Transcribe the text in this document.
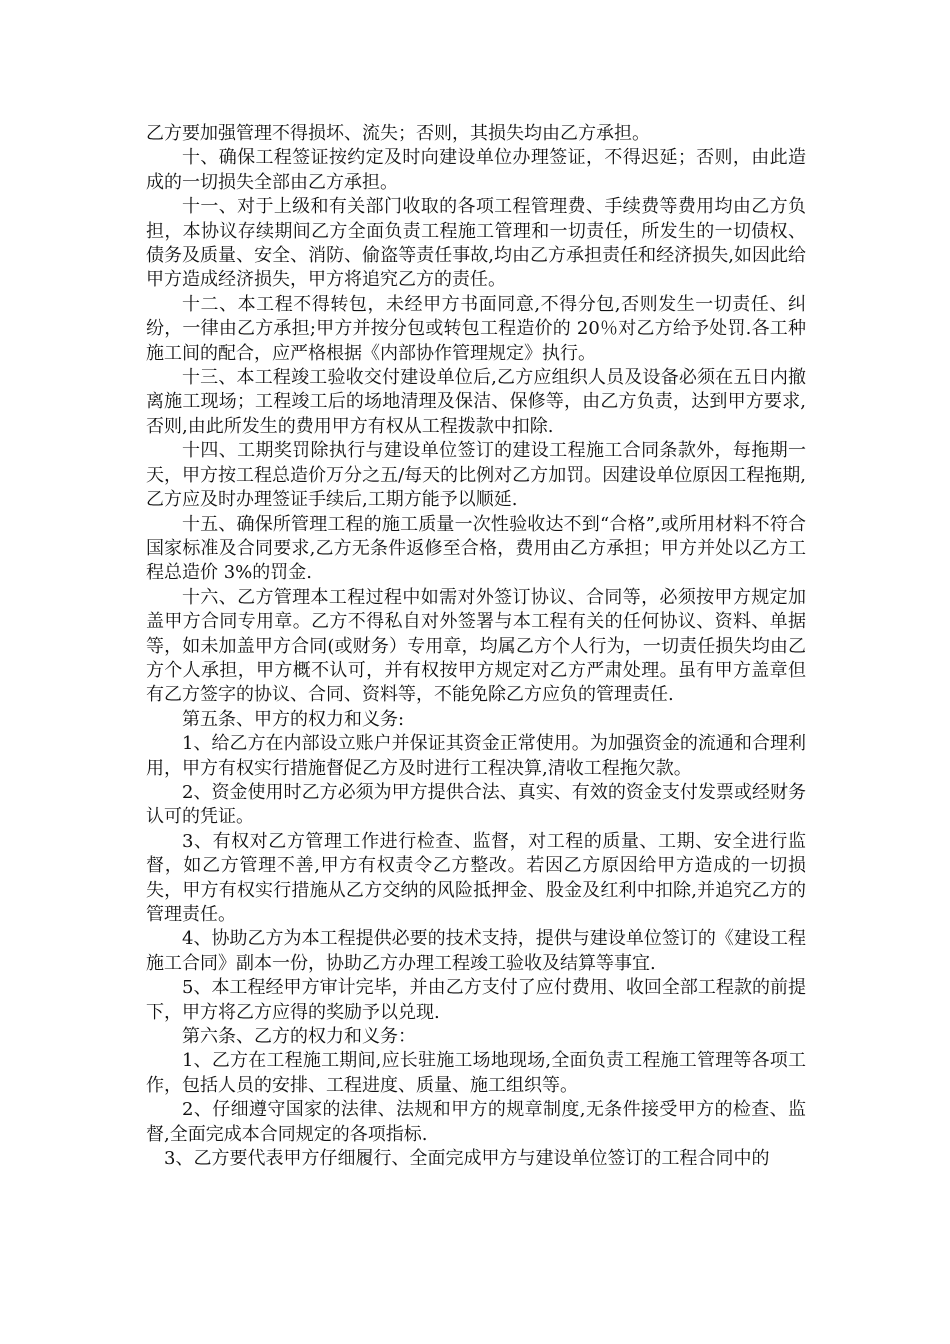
乙方要加强管理不得损坏、流失；否则，其损失均由乙方承担。

十、确保工程签证按约定及时向建设单位办理签证，不得迟延；否则，由此造成的一切损失全部由乙方承担。

十一、对于上级和有关部门收取的各项工程管理费、手续费等费用均由乙方负担，本协议存续期间乙方全面负责工程施工管理和一切责任，所发生的一切债权、债务及质量、安全、消防、偷盗等责任事故,均由乙方承担责任和经济损失,如因此给甲方造成经济损失，甲方将追究乙方的责任。

十二、本工程不得转包，未经甲方书面同意,不得分包,否则发生一切责任、纠纷，一律由乙方承担;甲方并按分包或转包工程造价的 20％对乙方给予处罚.各工种施工间的配合，应严格根据《内部协作管理规定》执行。

十三、本工程竣工验收交付建设单位后,乙方应组织人员及设备必须在五日内撤离施工现场；工程竣工后的场地清理及保洁、保修等，由乙方负责，达到甲方要求,否则,由此所发生的费用甲方有权从工程拨款中扣除.

十四、工期奖罚除执行与建设单位签订的建设工程施工合同条款外，每拖期一天，甲方按工程总造价万分之五/每天的比例对乙方加罚。因建设单位原因工程拖期,乙方应及时办理签证手续后,工期方能予以顺延.

十五、确保所管理工程的施工质量一次性验收达不到“合格”,或所用材料不符合国家标准及合同要求,乙方无条件返修至合格，费用由乙方承担；甲方并处以乙方工程总造价 3%的罚金.

十六、乙方管理本工程过程中如需对外签订协议、合同等，必须按甲方规定加盖甲方合同专用章。乙方不得私自对外签署与本工程有关的任何协议、资料、单据等，如未加盖甲方合同(或财务）专用章，均属乙方个人行为，一切责任损失均由乙方个人承担，甲方概不认可，并有权按甲方规定对乙方严肃处理。虽有甲方盖章但有乙方签字的协议、合同、资料等，不能免除乙方应负的管理责任.

第五条、甲方的权力和义务:

1、给乙方在内部设立账户并保证其资金正常使用。为加强资金的流通和合理利用，甲方有权实行措施督促乙方及时进行工程决算,清收工程拖欠款。

2、资金使用时乙方必须为甲方提供合法、真实、有效的资金支付发票或经财务认可的凭证。

3、有权对乙方管理工作进行检查、监督，对工程的质量、工期、安全进行监督，如乙方管理不善,甲方有权责令乙方整改。若因乙方原因给甲方造成的一切损失，甲方有权实行措施从乙方交纳的风险抵押金、股金及红利中扣除,并追究乙方的管理责任。

4、协助乙方为本工程提供必要的技术支持，提供与建设单位签订的《建设工程施工合同》副本一份，协助乙方办理工程竣工验收及结算等事宜.

5、本工程经甲方审计完毕，并由乙方支付了应付费用、收回全部工程款的前提下，甲方将乙方应得的奖励予以兑现.

第六条、乙方的权力和义务：

1、乙方在工程施工期间,应长驻施工场地现场,全面负责工程施工管理等各项工作，包括人员的安排、工程进度、质量、施工组织等。

2、仔细遵守国家的法律、法规和甲方的规章制度,无条件接受甲方的检查、监督,全面完成本合同规定的各项指标.

3、乙方要代表甲方仔细履行、全面完成甲方与建设单位签订的工程合同中的
